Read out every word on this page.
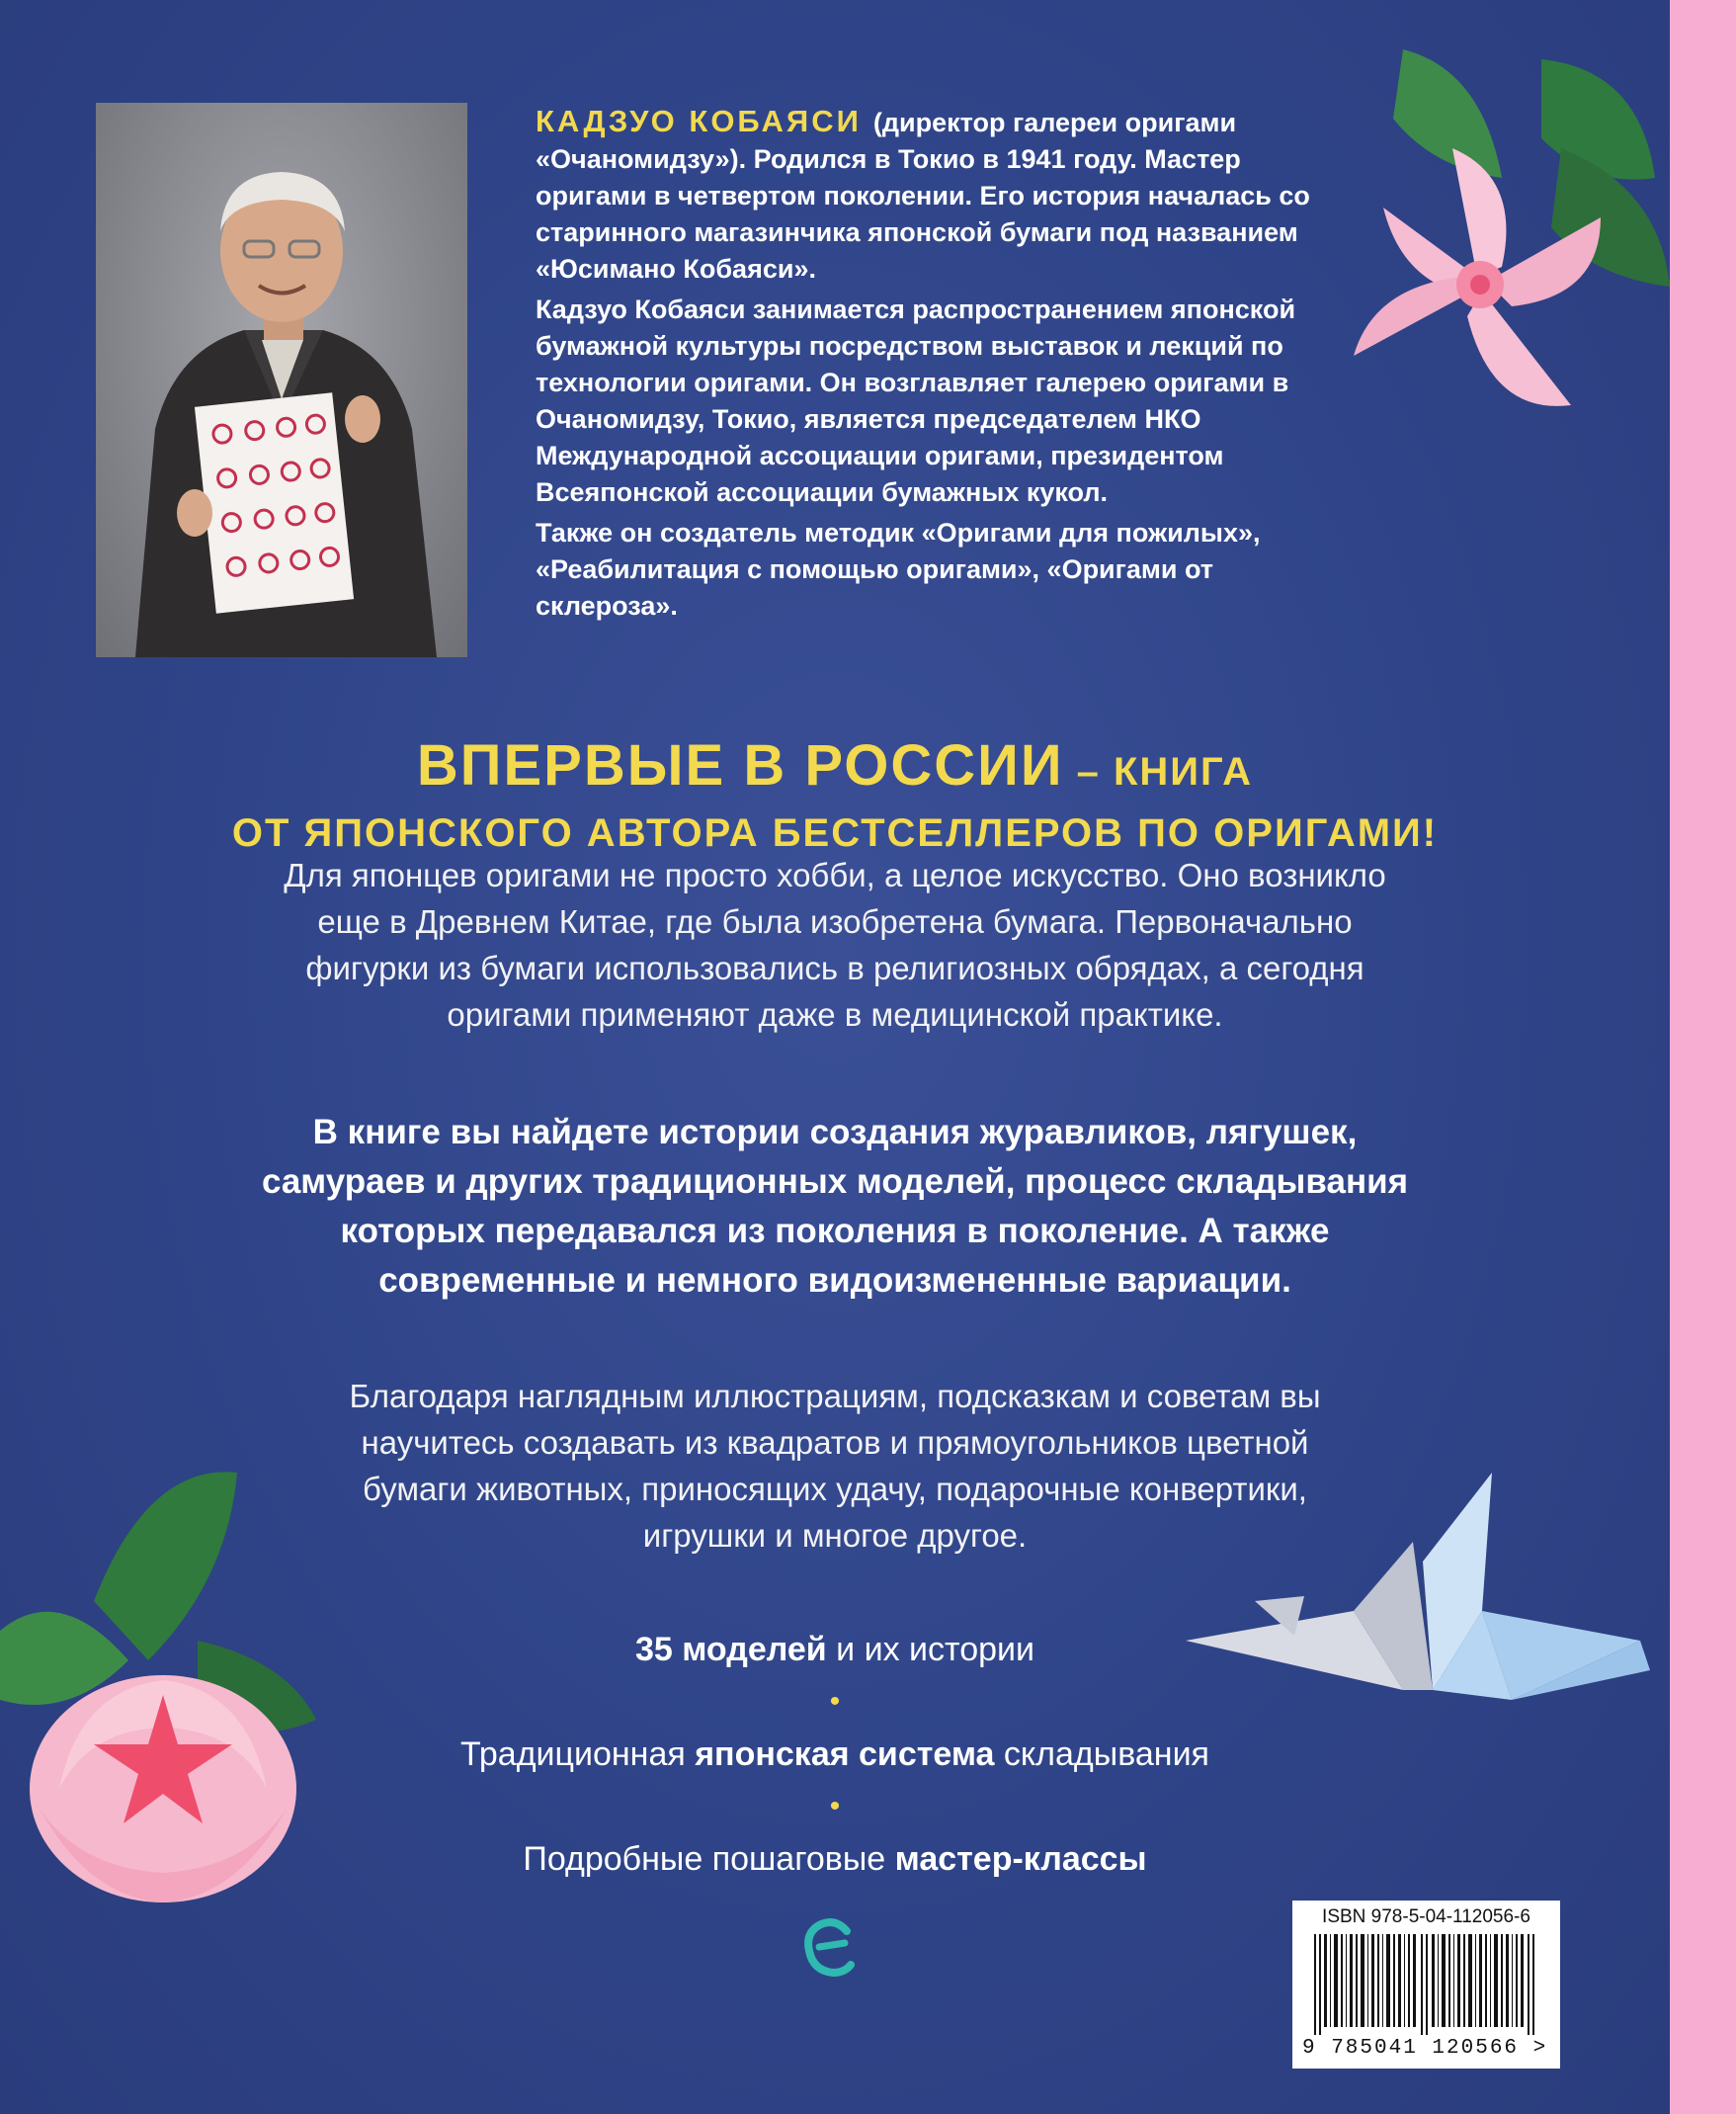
КАДЗУО КОБАЯСИ (директор галереи оригами «Очаномидзу»). Родился в Токио в 1941 году. Мастер оригами в четвертом поколении. Его история началась со старинного магазинчика японской бумаги под названием «Юсимано Кобаяси».

Кадзуо Кобаяси занимается распространением японской бумажной культуры посредством выставок и лекций по технологии оригами. Он возглавляет галерею оригами в Очаномидзу, Токио, является председателем НКО Международной ассоциации оригами, президентом Всеяпонской ассоциации бумажных кукол.

Также он создатель методик «Оригами для пожилых», «Реабилитация с помощью оригами», «Оригами от склероза».

ВПЕРВЫЕ В РОССИИ – КНИГА
ОТ ЯПОНСКОГО АВТОРА БЕСТСЕЛЛЕРОВ ПО ОРИГАМИ!
Для японцев оригами не просто хобби, а целое искусство. Оно возникло
еще в Древнем Китае, где была изобретена бумага. Первоначально
фигурки из бумаги использовались в религиозных обрядах, а сегодня
оригами применяют даже в медицинской практике.
В книге вы найдете истории создания журавликов, лягушек,
самураев и других традиционных моделей, процесс складывания
которых передавался из поколения в поколение. А также
современные и немного видоизмененные вариации.
Благодаря наглядным иллюстрациям, подсказкам и советам вы
научитесь создавать из квадратов и прямоугольников цветной
бумаги животных, приносящих удачу, подарочные конвертики,
игрушки и многое другое.
35 моделей и их истории
•
Традиционная японская система складывания
•
Подробные пошаговые мастер-классы
ISBN 978-5-04-112056-6
9 785041 120566 >
